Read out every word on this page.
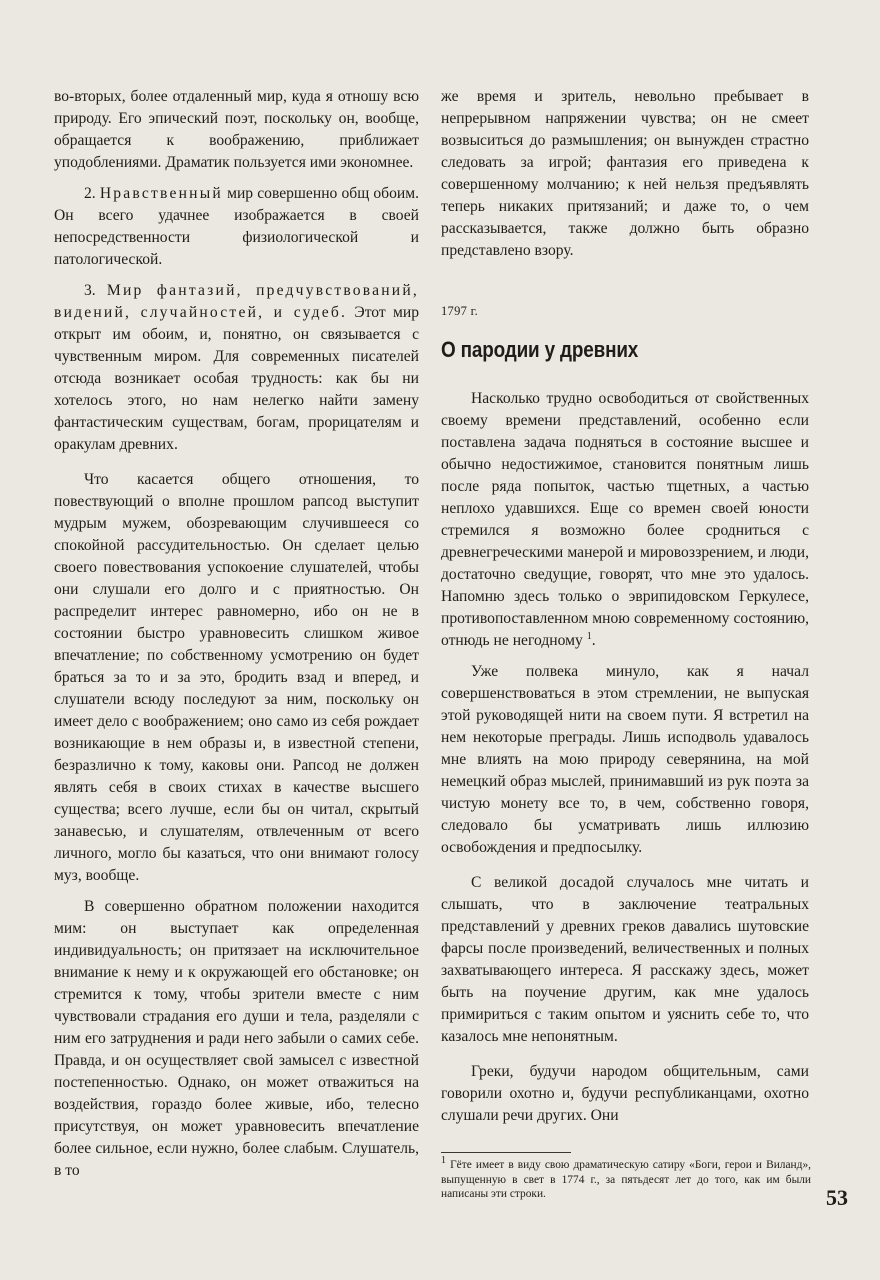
во-вторых, более отдаленный мир, куда я отношу всю природу. Его эпический поэт, поскольку он, вообще, обращается к воображению, приближает уподоблениями. Драматик пользуется ими экономнее.

2. Нравственный мир совершенно общ обоим. Он всего удачнее изображается в своей непосредственности физиологической и патологической.

3. Мир фантазий, предчувствований, видений, случайностей, и судеб. Этот мир открыт им обоим, и, понятно, он связывается с чувственным миром. Для современных писателей отсюда возникает особая трудность: как бы ни хотелось этого, но нам нелегко найти замену фантастическим существам, богам, прорицателям и оракулам древних.

Что касается общего отношения, то повествующий о вполне прошлом рапсод выступит мудрым мужем, обозревающим случившееся со спокойной рассудительностью. Он сделает целью своего повествования успокоение слушателей, чтобы они слушали его долго и с приятностью. Он распределит интерес равномерно, ибо он не в состоянии быстро уравновесить слишком живое впечатление; по собственному усмотрению он будет браться за то и за это, бродить взад и вперед, и слушатели всюду последуют за ним, поскольку он имеет дело с воображением; оно само из себя рождает возникающие в нем образы и, в известной степени, безразлично к тому, каковы они. Рапсод не должен являть себя в своих стихах в качестве высшего существа; всего лучше, если бы он читал, скрытый занавесью, и слушателям, отвлеченным от всего личного, могло бы казаться, что они внимают голосу муз, вообще.

В совершенно обратном положении находится мим: он выступает как определенная индивидуальность; он притязает на исключительное внимание к нему и к окружающей его обстановке; он стремится к тому, чтобы зрители вместе с ним чувствовали страдания его души и тела, разделяли с ним его затруднения и ради него забыли о самих себе. Правда, и он осуществляет свой замысел с известной постепенностью. Однако, он может отважиться на воздействия, гораздо более живые, ибо, телесно присутствуя, он может уравновесить впечатление более сильное, если нужно, более слабым. Слушатель, в то

же время и зритель, невольно пребывает в непрерывном напряжении чувства; он не смеет возвыситься до размышления; он вынужден страстно следовать за игрой; фантазия его приведена к совершенному молчанию; к ней нельзя предъявлять теперь никаких притязаний; и даже то, о чем рассказывается, также должно быть образно представлено взору.

1797 г.
О пародии у древних

Насколько трудно освободиться от свойственных своему времени представлений, особенно если поставлена задача подняться в состояние высшее и обычно недостижимое, становится понятным лишь после ряда попыток, частью тщетных, а частью неплохо удавшихся. Еще со времен своей юности стремился я возможно более сродниться с древнегреческими манерой и мировоззрением, и люди, достаточно сведущие, говорят, что мне это удалось. Напомню здесь только о эврипидовском Геркулесе, противопоставленном мною современному состоянию, отнюдь не негодному $^1$.

Уже полвека минуло, как я начал совершенствоваться в этом стремлении, не выпуская этой руководящей нити на своем пути. Я встретил на нем некоторые преграды. Лишь исподволь удавалось мне влиять на мою природу северянина, на мой немецкий образ мыслей, принимавший из рук поэта за чистую монету все то, в чем, собственно говоря, следовало бы усматривать лишь иллюзию освобождения и предпосылку.

С великой досадой случалось мне читать и слышать, что в заключение театральных представлений у древних греков давались шутовские фарсы после произведений, величественных и полных захватывающего интереса. Я расскажу здесь, может быть на поучение другим, как мне удалось примириться с таким опытом и уяснить себе то, что казалось мне непонятным.

Греки, будучи народом общительным, сами говорили охотно и, будучи республиканцами, охотно слушали речи других. Они

$^1$ Гёте имеет в виду свою драматическую сатиру «Боги, герои и Виланд», выпущенную в свет в 1774 г., за пятьдесят лет до того, как им были написаны эти строки.	53
